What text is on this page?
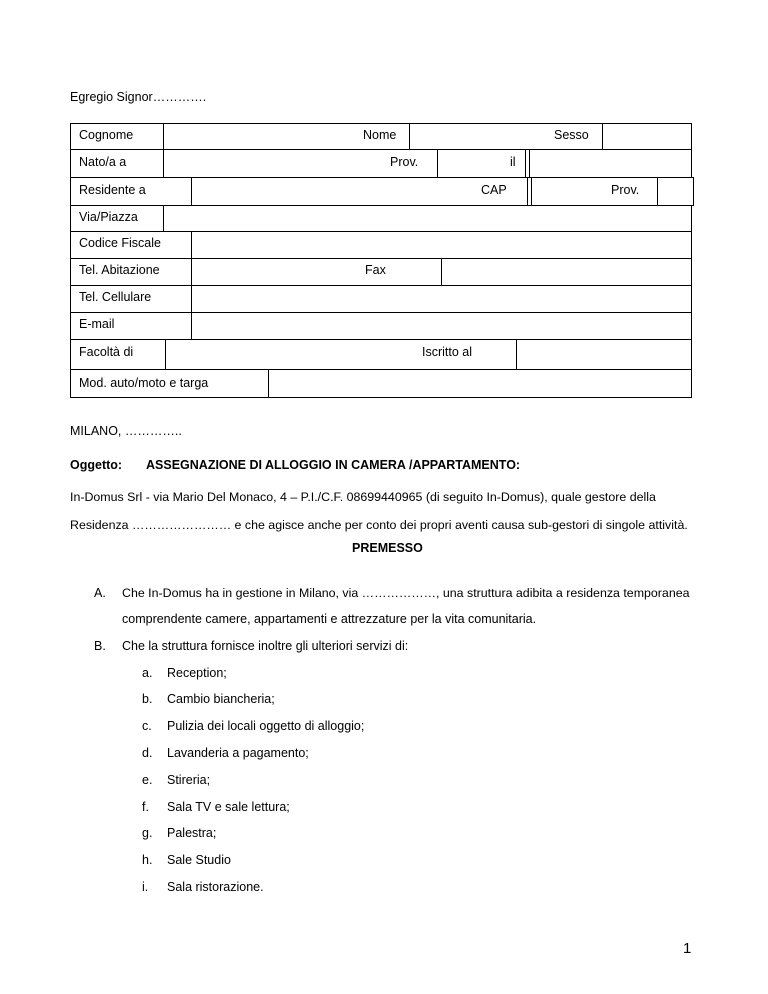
Egregio Signor………….
Cognome	Nome	Sesso
Nato/a a	Prov.	il
Residente a	CAP	Prov.
Via/Piazza
Codice Fiscale
Tel. Abitazione	Fax
Tel. Cellulare
E-mail
Facoltà di	Iscritto al
Mod. auto/moto e targa
MILANO, …………..
Oggetto: ASSEGNAZIONE DI ALLOGGIO IN CAMERA /APPARTAMENTO:
In-Domus Srl - via Mario Del Monaco, 4 – P.I./C.F. 08699440965 (di seguito In-Domus), quale gestore della
Residenza …………………… e che agisce anche per conto dei propri aventi causa sub-gestori di singole attività.
PREMESSO
A. Che In-Domus ha in gestione in Milano, via ………………, una struttura adibita a residenza temporanea
comprendente camere, appartamenti e attrezzature per la vita comunitaria.
B. Che la struttura fornisce inoltre gli ulteriori servizi di:
a. Reception;
b. Cambio biancheria;
c. Pulizia dei locali oggetto di alloggio;
d. Lavanderia a pagamento;
e. Stireria;
f. Sala TV e sale lettura;
g. Palestra;
h. Sale Studio
i. Sala ristorazione.
1
